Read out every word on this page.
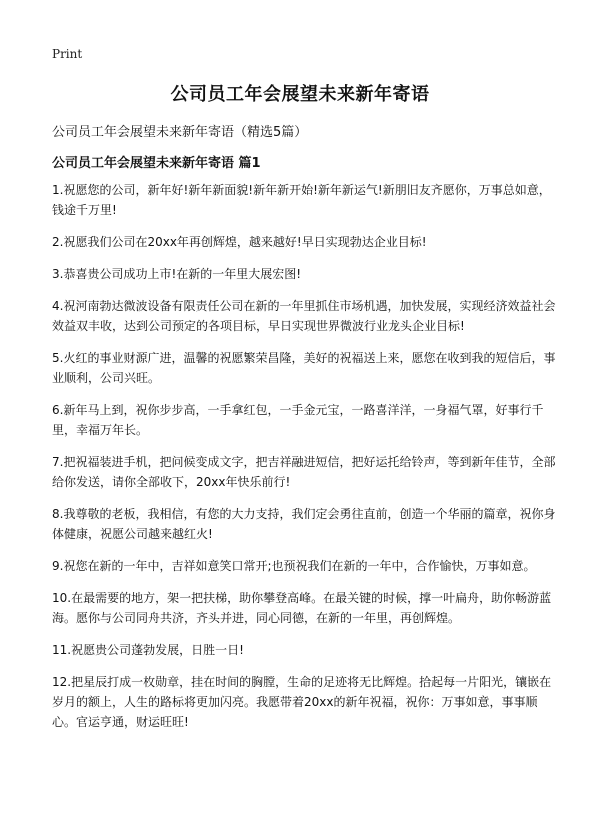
Print
公司员工年会展望未来新年寄语
公司员工年会展望未来新年寄语（精选5篇）
公司员工年会展望未来新年寄语 篇1
1.祝愿您的公司，新年好!新年新面貌!新年新开始!新年新运气!新朋旧友齐愿你，万事总如意，钱途千万里!
2.祝愿我们公司在20xx年再创辉煌，越来越好!早日实现勃达企业目标!
3.恭喜贵公司成功上市!在新的一年里大展宏图!
4.祝河南勃达微波设备有限责任公司在新的一年里抓住市场机遇，加快发展，实现经济效益社会效益双丰收，达到公司预定的各项目标，早日实现世界微波行业龙头企业目标!
5.火红的事业财源广进，温馨的祝愿繁荣昌隆，美好的祝福送上来，愿您在收到我的短信后，事业顺利，公司兴旺。
6.新年马上到，祝你步步高，一手拿红包，一手金元宝，一路喜洋洋，一身福气罩，好事行千里，幸福万年长。
7.把祝福装进手机，把问候变成文字，把吉祥融进短信，把好运托给铃声，等到新年佳节，全部给你发送，请你全部收下，20xx年快乐前行!
8.我尊敬的老板，我相信，有您的大力支持，我们定会勇往直前，创造一个华丽的篇章，祝你身体健康，祝愿公司越来越红火!
9.祝您在新的一年中，吉祥如意笑口常开;也预祝我们在新的一年中，合作愉快，万事如意。
10.在最需要的地方，架一把扶梯，助你攀登高峰。在最关键的时候，撑一叶扁舟，助你畅游蓝海。愿你与公司同舟共济，齐头并进，同心同德，在新的一年里，再创辉煌。
11.祝愿贵公司蓬勃发展，日胜一日!
12.把星辰打成一枚勋章，挂在时间的胸膛，生命的足迹将无比辉煌。拾起每一片阳光，镶嵌在岁月的额上，人生的路标将更加闪亮。我愿带着20xx的新年祝福，祝你：万事如意，事事顺心。官运亨通，财运旺旺!
